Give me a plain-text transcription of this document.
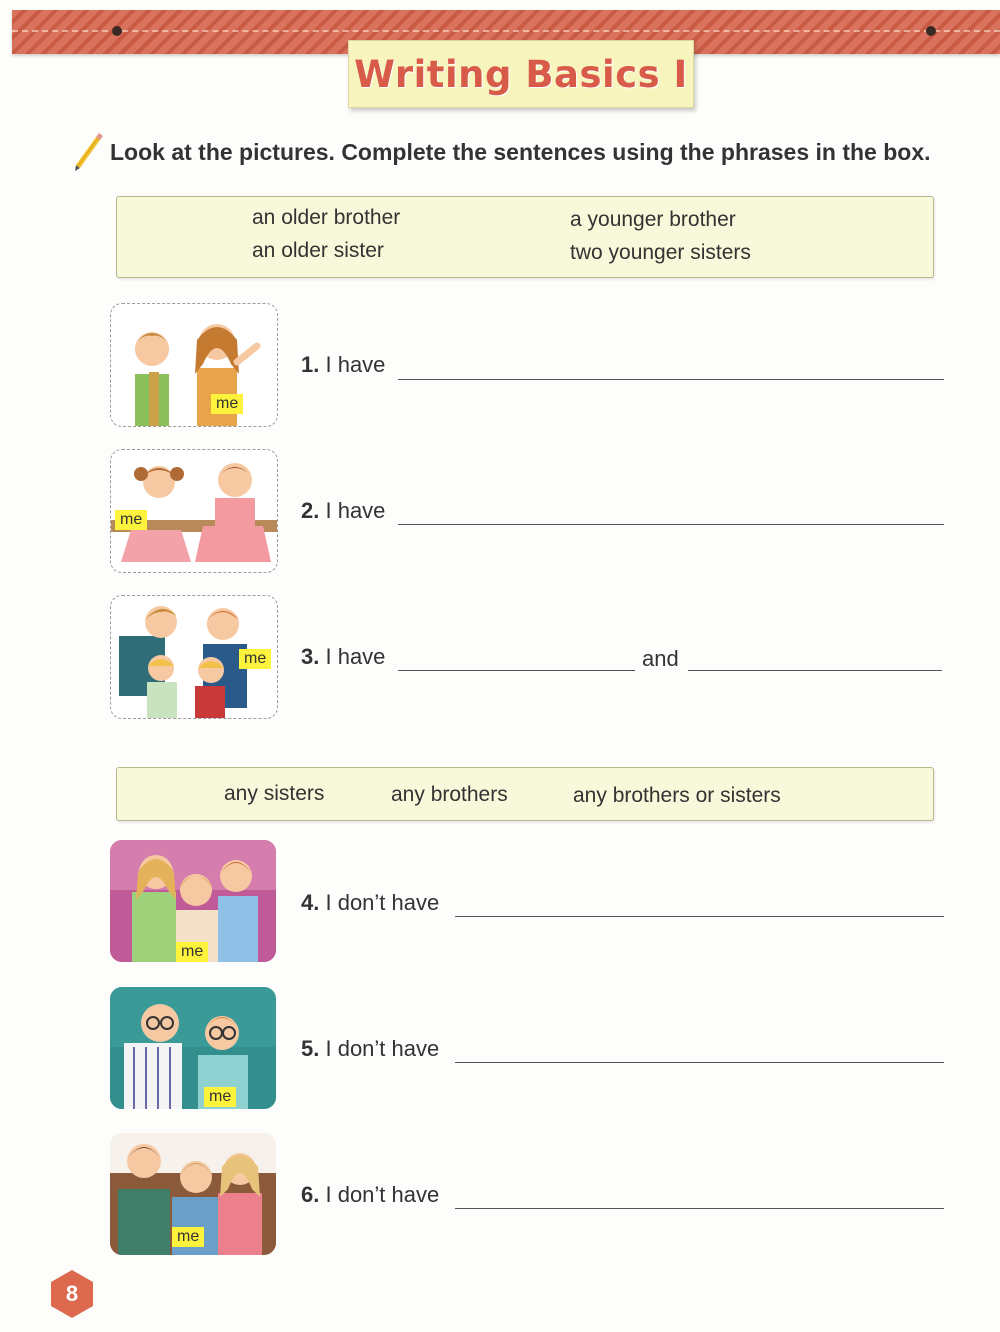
Writing Basics I
Look at the pictures. Complete the sentences using the phrases in the box.
an older brother
an older sister
a younger brother
two younger sisters
me
me
me
1. I have
2. I have
3. I have	and
any sisters	any brothers	any brothers or sisters
me
me
me
4. I don’t have
5. I don’t have
6. I don’t have
8
